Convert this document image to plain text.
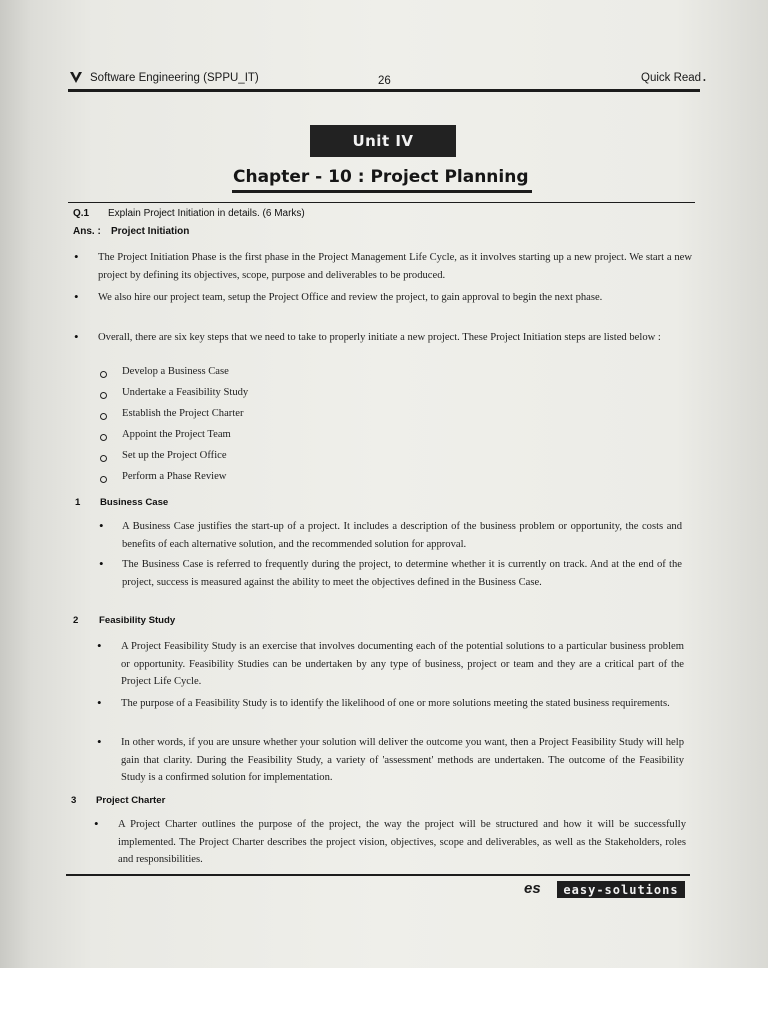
Software Engineering (SPPU_IT)	26	Quick Read •
Unit IV
Chapter - 10 : Project Planning
Q.1 Explain Project Initiation in details. (6 Marks)
Ans. : Project Initiation
• The Project Initiation Phase is the first phase in the Project Management Life Cycle, as it involves starting up a new project. We start a new project by defining its objectives, scope, purpose and deliverables to be produced.
• We also hire our project team, setup the Project Office and review the project, to gain approval to begin the next phase.
• Overall, there are six key steps that we need to take to properly initiate a new project. These Project Initiation steps are listed below :
Develop a Business Case
Undertake a Feasibility Study
Establish the Project Charter
Appoint the Project Team
Set up the Project Office
Perform a Phase Review
1 Business Case
• A Business Case justifies the start-up of a project. It includes a description of the business problem or opportunity, the costs and benefits of each alternative solution, and the recommended solution for approval.
• The Business Case is referred to frequently during the project, to determine whether it is currently on track. And at the end of the project, success is measured against the ability to meet the objectives defined in the Business Case.
2 Feasibility Study
• A Project Feasibility Study is an exercise that involves documenting each of the potential solutions to a particular business problem or opportunity. Feasibility Studies can be undertaken by any type of business, project or team and they are a critical part of the Project Life Cycle.
• The purpose of a Feasibility Study is to identify the likelihood of one or more solutions meeting the stated business requirements.
• In other words, if you are unsure whether your solution will deliver the outcome you want, then a Project Feasibility Study will help gain that clarity. During the Feasibility Study, a variety of 'assessment' methods are undertaken. The outcome of the Feasibility Study is a confirmed solution for implementation.
3 Project Charter
• A Project Charter outlines the purpose of the project, the way the project will be structured and how it will be successfully implemented. The Project Charter describes the project vision, objectives, scope and deliverables, as well as the Stakeholders, roles and responsibilities.
es	easy-solutions
